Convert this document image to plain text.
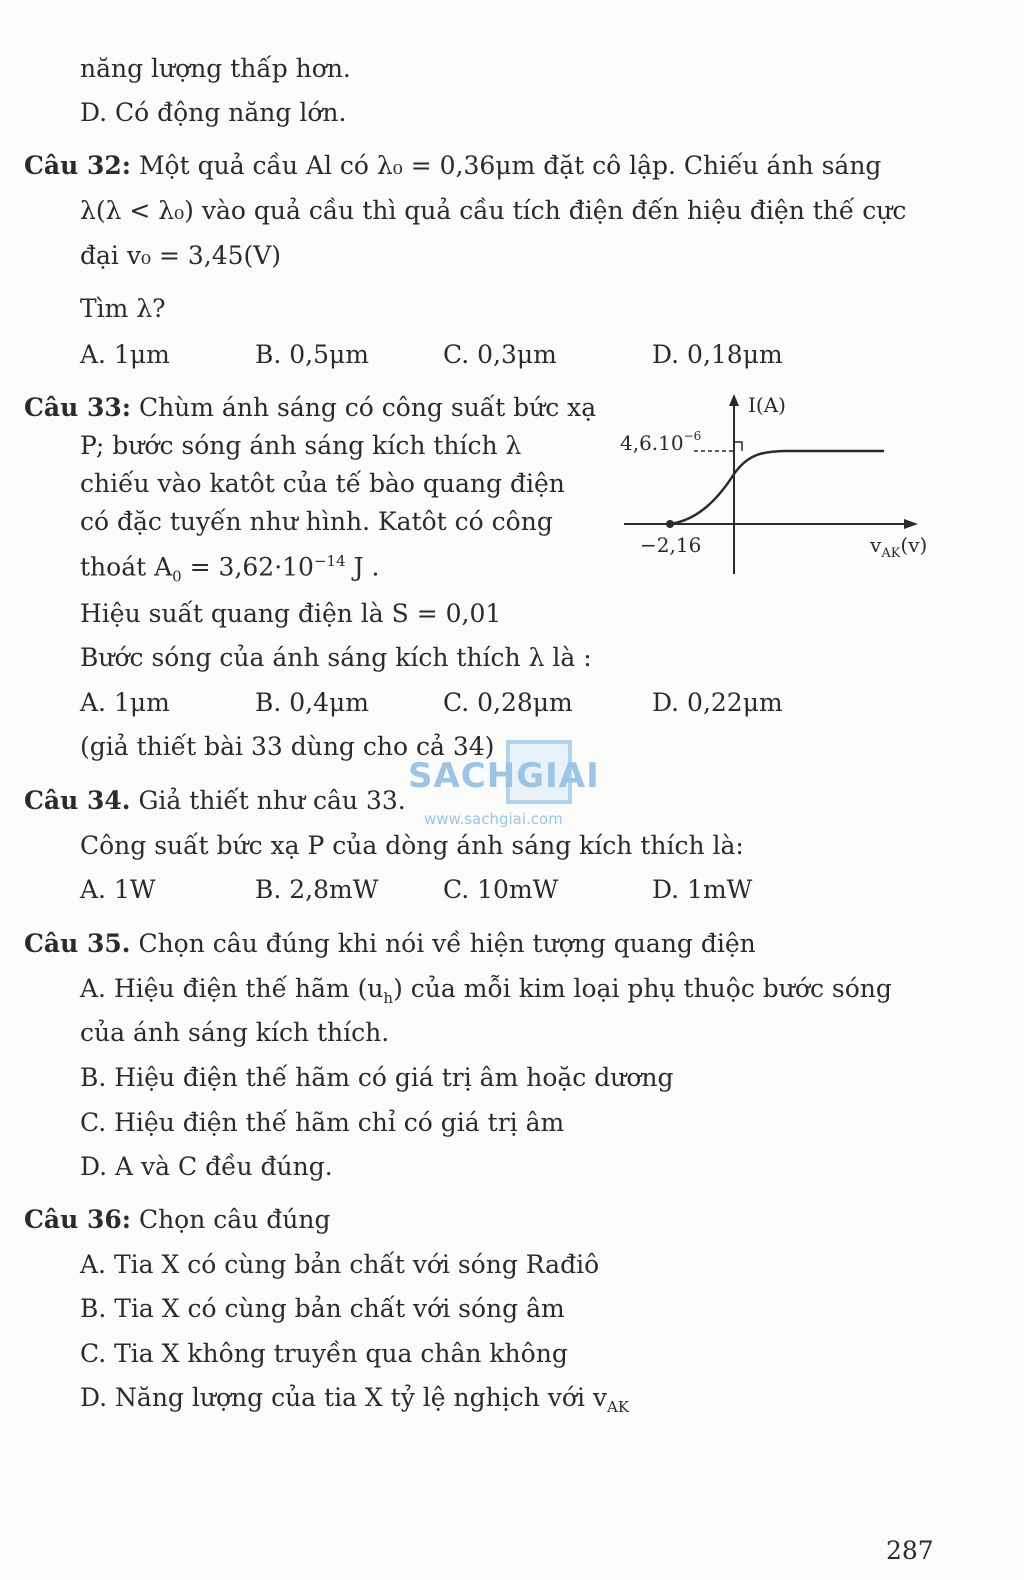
năng lượng thấp hơn.
D. Có động năng lớn.
Câu 32: Một quả cầu Al có λ₀ = 0,36μm đặt cô lập. Chiếu ánh sáng
λ(λ < λ₀) vào quả cầu thì quả cầu tích điện đến hiệu điện thế cực
đại v₀ = 3,45(V)
Tìm λ?
A. 1μm	B. 0,5μm	C. 0,3μm	D. 0,18μm
Câu 33: Chùm ánh sáng có công suất bức xạ
P; bước sóng ánh sáng kích thích λ
chiếu vào katôt của tế bào quang điện
có đặc tuyến như hình. Katôt có công
thoát $A_0 = 3,62\cdot 10^{-14}$ J .
Hiệu suất quang điện là S = 0,01
Bước sóng của ánh sáng kích thích λ là :
A. 1μm	B. 0,4μm	C. 0,28μm	D. 0,22μm
(giả thiết bài 33 dùng cho cả 34)
I(A)
$4,6.10^{-6}$
−2,16	$v_{AK}(v)$
SACHGIAI
www.sachgiai.com
Câu 34. Giả thiết như câu 33.
Công suất bức xạ P của dòng ánh sáng kích thích là:
A. 1W	B. 2,8mW	C. 10mW	D. 1mW
Câu 35. Chọn câu đúng khi nói về hiện tượng quang điện
A. Hiệu điện thế hãm $(u_h)$ của mỗi kim loại phụ thuộc bước sóng
của ánh sáng kích thích.
B. Hiệu điện thế hãm có giá trị âm hoặc dương
C. Hiệu điện thế hãm chỉ có giá trị âm
D. A và C đều đúng.
Câu 36: Chọn câu đúng
A. Tia X có cùng bản chất với sóng Rađiô
B. Tia X có cùng bản chất với sóng âm
C. Tia X không truyền qua chân không
D. Năng lượng của tia X tỷ lệ nghịch với $v_{AK}$
287
